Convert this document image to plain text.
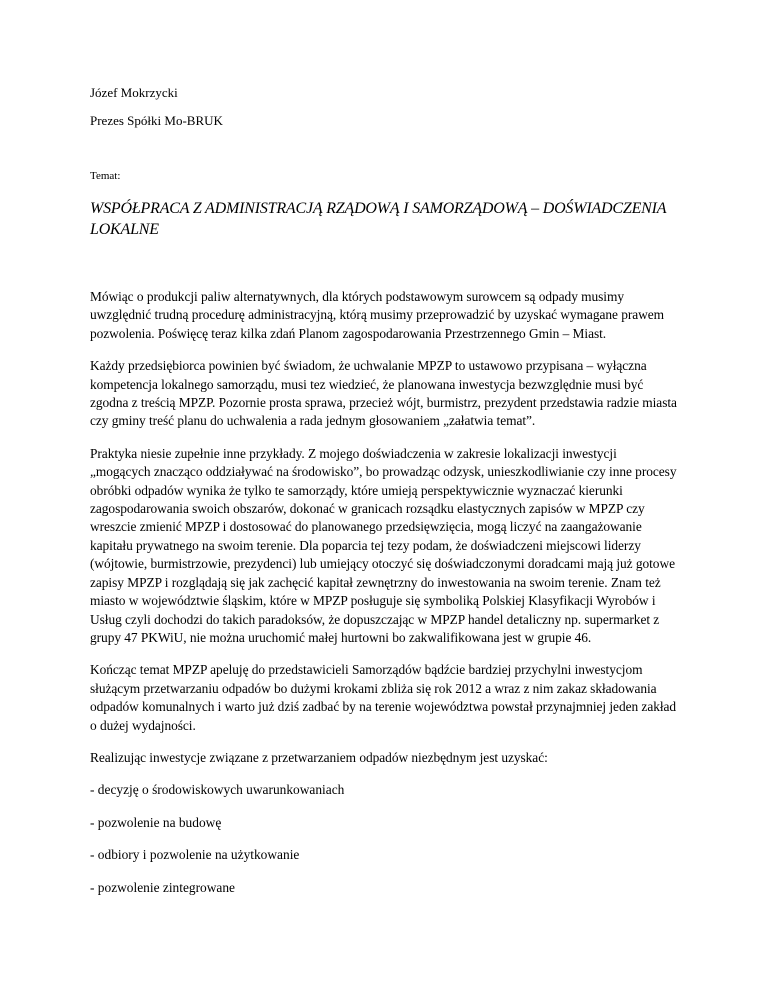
Józef Mokrzycki

Prezes Spółki Mo-BRUK

Temat:

WSPÓŁPRACA Z ADMINISTRACJĄ RZĄDOWĄ I SAMORZĄDOWĄ – DOŚWIADCZENIA LOKALNE

Mówiąc o produkcji paliw alternatywnych, dla których podstawowym surowcem są odpady musimy uwzględnić trudną procedurę administracyjną, którą musimy przeprowadzić by uzyskać wymagane prawem pozwolenia. Poświęcę teraz kilka zdań Planom zagospodarowania Przestrzennego Gmin – Miast.

Każdy przedsiębiorca powinien być świadom, że uchwalanie MPZP to ustawowo przypisana – wyłączna kompetencja lokalnego samorządu, musi tez wiedzieć, że planowana inwestycja bezwzględnie musi być zgodna z treścią MPZP. Pozornie prosta sprawa, przecież wójt, burmistrz, prezydent przedstawia radzie miasta czy gminy treść planu do uchwalenia a rada jednym głosowaniem „załatwia temat”.

Praktyka niesie zupełnie inne przykłady. Z mojego doświadczenia w zakresie lokalizacji inwestycji „mogących znacząco oddziaływać na środowisko”, bo prowadząc odzysk, unieszkodliwianie czy inne procesy obróbki odpadów wynika że tylko te samorządy, które umieją perspektywicznie wyznaczać kierunki zagospodarowania swoich obszarów, dokonać w granicach rozsądku elastycznych zapisów w MPZP czy wreszcie zmienić MPZP i dostosować do planowanego przedsięwzięcia, mogą liczyć na zaangażowanie kapitału prywatnego na swoim terenie. Dla poparcia tej tezy podam, że doświadczeni miejscowi liderzy (wójtowie, burmistrzowie, prezydenci) lub umiejący otoczyć się doświadczonymi doradcami mają już gotowe zapisy MPZP i rozglądają się jak zachęcić kapitał zewnętrzny do inwestowania na swoim terenie. Znam też miasto w województwie śląskim, które w MPZP posługuje się symboliką Polskiej Klasyfikacji Wyrobów i Usług czyli dochodzi do takich paradoksów, że dopuszczając w MPZP handel detaliczny np. supermarket z grupy 47 PKWiU, nie można uruchomić małej hurtowni bo zakwalifikowana jest w grupie 46.

Kończąc temat MPZP apeluję do przedstawicieli Samorządów bądźcie bardziej przychylni inwestycjom służącym przetwarzaniu odpadów bo dużymi krokami zbliża się rok 2012 a wraz z nim zakaz składowania odpadów komunalnych i warto już dziś zadbać by na terenie województwa powstał przynajmniej jeden zakład o dużej wydajności.

Realizując inwestycje związane z przetwarzaniem odpadów niezbędnym jest uzyskać:

- decyzję o środowiskowych uwarunkowaniach

- pozwolenie na budowę

- odbiory i pozwolenie na użytkowanie

- pozwolenie zintegrowane
